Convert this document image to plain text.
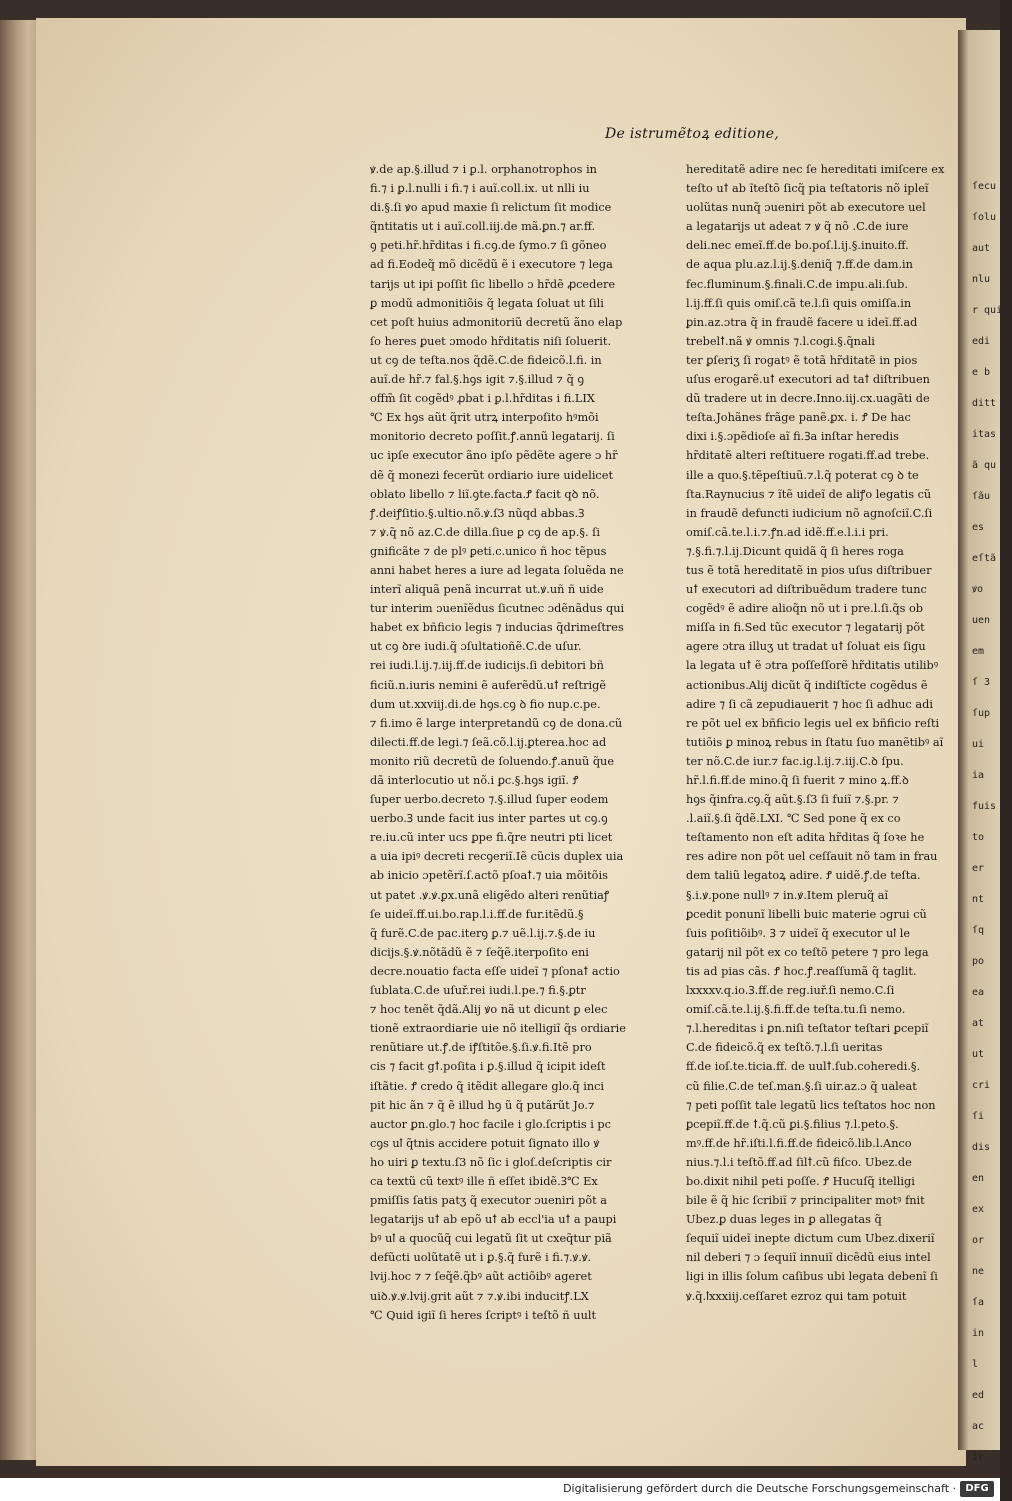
ſecu
ſolu
aut
nlu
r qui
edi
e b
ditt
itas
ã qu
ſãu
es
eſtã
ꝟo
uen
em
ſ 3
ſup
ui
ia
fuis
to
er
nt
ſq
po
ea
at
ut
cri
ſi
dis
en
ex
or
ne
ſa
in
l
ed
ac
ir
De istrumẽtoꝝ editione,
ꝟ.de ap.§.illud ⁊ i ꝑ.l. orphanotrophos in
fi.⁊ i ꝑ.l.nulli i fi.⁊ i auĩ.coll.ix. ut nlli iu
di.§.ſi ꝟo apud maxie ſi relictum ſit modice
q̃ntitatis ut i auĩ.coll.iij.de mã.ꝑn.⁊ ar.ff.
ꝯ peti.hr̃.hr̃ditas i fi.cꝯ.de ſymo.⁊ ſi gõneo
ad fi.Eodeq̃ mõ dicẽdũ ẽ i executore ⁊ lega
tarijs ut ipi poſſit ſic libello ɔ hr̃dẽ ꝓcedere
ꝑ modũ admonitiõis q̃ legata ſoluat ut ſili
cet poſt huius admonitoriũ decretũ ãno elap
ſo heres ꝑuet ɔmodo hr̃ditatis niſi ſoluerit.
ut cꝯ de teſta.nos q̃dẽ.C.de fideicõ.l.fi. in
auĩ.de hr̃.⁊ fal.§.hꝯs igit ⁊.§.illud ⁊ q̃ ꝯ
offm̃ ſit cogẽdꝰ ꝓbat i ꝑ.l.hr̃ditas i fi.LIX
℃ Ex hꝯs aũt q̃rit utrꝝ interpoſito hꝰmõi
monitorio decreto poſſit.ꝭ.annũ legatarij. ſi
uc ipſe executor ãno ipſo pẽdẽte agere ɔ hr̃
dẽ q̃ monezi fecerũt ordiario iure uidelicet
oblato libello ⁊ liĩ.ꝯte.facta.Ꝭ facit qꝺ nõ.
ꝭ.deiꝭſitio.§.ultio.nõ.ꝟ.ſ3 nũqd abbas.Ꝫ
⁊ ꝟ.q̃ nõ az.C.de dilla.ſiue ꝑ cꝯ de ap.§. ſi
gnificãte ⁊ de plꝰ ꝑeti.c.unico ñ hoc tẽpus
anni habet heres a iure ad legata ſoluẽda ne
interĩ aliquã penã incurrat ut.ꝟ.uñ ñ uide
tur interim ɔuenĩẽdus ſicutnec ɔdẽnãdus qui
habet ex bñficio legis ⁊ inducias q̃drimeſtres
ut cꝯ ꝺre iudi.q̃ ɔſultatioñẽ.C.de uſur.
rei iudi.l.ij.⁊.iij.ff.de iudicijs.ſi debitori bñ
ficiũ.n.iuris nemini ẽ auferẽdũ.uꝉ reſtrigẽ
dum ut.xxviij.di.de hꝯs.cꝯ ꝺ fio nup.c.pe.
⁊ fi.imo ẽ large interpretandũ cꝯ de dona.cũ
dilecti.ff.de legi.⁊ ſeã.cõ.l.ij.ꝑterea.hoc ad
monito riũ decretũ de ſoluendo.ꝭ.anuũ q̃ue
dã interlocutio ut nõ.i ꝑc.§.hꝯs igiĩ. Ꝭ
ſuper uerbo.decreto ⁊.§.illud ſuper eodem
uerbo.Ꝫ unde facit ius inter partes ut cꝯ.ꝯ
re.iu.cũ inter ucs ꝑpe fi.q̃re neutri pti licet
a uia ipiꝰ decreti recꝯeriĩ.Iẽ cũcis duplex uia
ab inicio ɔpetẽrĩ.ſ.actõ pſoaꝉ.⁊ uia mõitõis
ut patet .ꝟ.ꝟ.ꝑx.unã eligẽdo alteri renũtiaꝭ
ſe uideĩ.ff.ui.bo.rap.l.i.ff.de fur.itẽdũ.§
q̃ furẽ.C.de pac.iterꝯ ꝑ.⁊ uẽ.l.ij.⁊.§.de iu
dicijs.§.ꝟ.nõtãdũ ẽ ⁊ ſeq̃ẽ.iterpoſito eni
decre.nouatio facta eſſe uideĩ ⁊ pſonaꝉ actio
ſublata.C.de uſuř.rei iudi.l.pe.⁊ fi.§.ꝑtr
⁊ hoc tenẽt q̃dã.Alij ꝟo nã ut dicunt ꝑ elec
tionẽ extraordiarie uie nõ itelligiĩ q̃s ordiarie
renũtiare ut.ꝭ.de iꝭſtitõe.§.ſi.ꝟ.fi.Itẽ pro
cis ⁊ facit gꝉ.poſita i ꝑ.§.illud q̃ icipit ideſt
iſtãtie. Ꝭ credo q̃ itẽdit allegare glo.q̃ inci
pit hic ãn ⁊ q̃ ẽ illud hꝯ ũ q̃ putãrũt Jo.⁊
auctor ꝑn.glo.⁊ hoc facile i glo.ſcriptis i pc
cꝯs uꝉ q̃tnis accidere potuit ſignato illo ꝟ
ho uiri ꝑ textu.ſ3 nõ ſic i gloſ.deſcriptis cir
ca textũ cũ textꝰ ille ñ eſſet ibidẽ.Ꝫ℃ Ex
pmiſſis ſatis patʒ q̃ executor ɔueniri põt a
legatarijs uꝉ ab epõ uꝉ ab eccl'ia uꝉ a paupi
bꝰ uꝉ a quocũq̃ cui legatũ ſit ut cxeq̃tur piã
defũcti uolũtatẽ ut i ꝑ.§.q̃ furẽ i fi.⁊.ꝟ.ꝟ.
lvij.hoc ⁊ ⁊ ſeq̃ẽ.q̃bꝰ aũt actiõibꝰ ageret
uiꝺ.ꝟ.ꝟ.lvij.grit aũt ⁊ ⁊.ꝟ.ibi inducitꝭ.LX
℃ Quid igiĩ ſi heres ſcriptꝰ i teſtõ ñ uult
hereditatẽ adire nec ſe hereditati imiſcere ex
teſto uꝉ ab ĩteſtõ ſicq̃ pia teſtatoris nõ ipleĩ
uolũtas nunq̃ ɔueniri põt ab executore uel
a legatarijs ut adeat ⁊ ꝟ q̃ nõ .C.de iure
deli.nec emeĩ.ff.de bo.poſ.l.ij.§.inuito.ff.
de aqua plu.az.l.ij.§.deniq̃ ⁊.ff.de dam.in
fec.fluminum.§.finali.C.de impu.ali.ſub.
l.ij.ff.ſi quis omiſ.cã te.l.ſi quis omiſſa.in
ꝑin.az.ɔtra q̃ in fraudẽ facere u ideĩ.ff.ad
trebelꝉ.nã ꝟ omnis ⁊.l.cogi.§.q̃nali
ter ꝑſeriʒ ſi rogatꝰ ẽ totã hr̃ditatẽ in pios
uſus erogarẽ.uꝉ executori ad taꝉ diſtribuen
dũ tradere ut in decre.Inno.iij.cx.uagãti de
teſta.Johãnes frãge panẽ.ꝑx. i. Ꝭ De hac
dixi i.§.ɔpẽdioſe aĩ fi.Ꝫa inſtar heredis
hr̃ditatẽ alteri reſtituere rogati.ff.ad trebe.
ille a quo.§.tẽpeſtiuũ.⁊.l.q̃ poterat cꝯ ꝺ te
ſta.Raynucius ⁊ ĩtẽ uideĩ de aliꝭo legatis cũ
in fraudẽ defuncti iudicium nõ agnoſciĩ.C.ſi
omiſ.cã.te.l.i.⁊.ꝭn.ad idẽ.ff.e.l.i.i pri.
⁊.§.fi.⁊.l.ij.Dicunt quidã q̃ ſi heres roga
tus ẽ totã hereditatẽ in pios uſus diſtribuer
uꝉ executori ad diſtribuẽdum tradere tunc
cogẽdꝰ ẽ adire alioq̃n nõ ut i pre.l.ſi.q̃s ob
miſſa in fi.Sed tũc executor ⁊ legatarij põt
agere ɔtra illuʒ ut tradat uꝉ ſoluat eis ſigu
la legata uꝉ ẽ ɔtra poſſeſſorẽ hr̃ditatis utilibꝰ
actionibus.Alij dicũt q̃ indiſtĩcte cogẽdus ẽ
adire ⁊ ſi cã zepudiauerit ⁊ hoc ſi adhuc adi
re põt uel ex bñficio legis uel ex bñficio reſti
tutiõis ꝑ minoꝝ rebus in ſtatu ſuo manẽtibꝰ aĩ
ter nõ.C.de iur.⁊ fac.ig.l.ij.⁊.iij.C.ꝺ ſpu.
hr̃.l.fi.ff.de mino.q̃ ſi fuerit ⁊ mino ꝝ.ff.ꝺ
hꝯs q̃infra.cꝯ.q̃ aũt.§.ſ3 ſi fuiĩ ⁊.§.pr. ⁊
.l.aiĩ.§.ſi q̃dẽ.LXI. ℃ Sed pone q̃ ex co
teſtamento non eſt adita hr̃ditas q̃ ſoꝛe he
res adire non põt uel ceſſauit nõ tam in frau
dem taliũ legatoꝝ adire. Ꝭ uidẽ.ꝭ.de teſta.
§.i.ꝟ.pone nullꝰ ⁊ in.ꝟ.Item pleruq̃ aĩ
ꝑcedit ponunĩ libelli buic materie ɔgrui cũ
ſuis poſitiõibꝰ. Ꝫ ⁊ uideĩ q̃ executor uꝉ le
gatarij nil põt ex co teſtõ petere ⁊ pro lega
tis ad pias cãs. Ꝭ hoc.ꝭ.reaſſumã q̃ taglit.
lxxxxv.q.io.Ꝫ.ff.de reg.iuř.ſi nemo.C.ſi
omiſ.cã.te.l.ij.§.fi.ff.de teſta.tu.ſi nemo.
⁊.l.hereditas i ꝑn.niſi teſtator teſtari ꝑcepiĩ
C.de fideicõ.q̃ ex teſtõ.⁊.l.ſi ueritas
ff.de ioſ.te.ticia.ff. de uulꝉ.ſub.coheredi.§.
cũ filie.C.de teſ.man.§.ſi uir.az.ɔ q̃ ualeat
⁊ peti poſſit tale legatũ lics teſtatos hoc non
ꝑcepiĩ.ff.de ꝉ.q̃.cũ ꝑi.§.filius ⁊.l.peto.§.
mꝰ.ff.de hr̃.iſti.l.fi.ff.de fideicõ.lib.l.Anco
nius.⁊.l.i teſtõ.ff.ad ſilꝉ.cũ fiſco. Ubez.de
bo.dixit nihil peti poſſe. Ꝭ Hucuſq̃ itelligi
bile ẽ q̃ hic ſcribiĩ ⁊ principaliter motꝰ fnit
Ubez.ꝑ duas leges in ꝑ allegatas q̃
ſequiĩ uideĩ inepte dictum cum Ubez.dixeriĩ
nil deberi ⁊ ɔ ſequiĩ innuiĩ dicẽdũ eius intel
ligi in illis ſolum caſibus ubi legata debenĩ ſi
ꝟ.q̃.ꝉxxxiij.ceſſaret ezroz qui tam potuit
Digitalisierung gefördert durch die Deutsche Forschungsgemeinschaft · DFG
